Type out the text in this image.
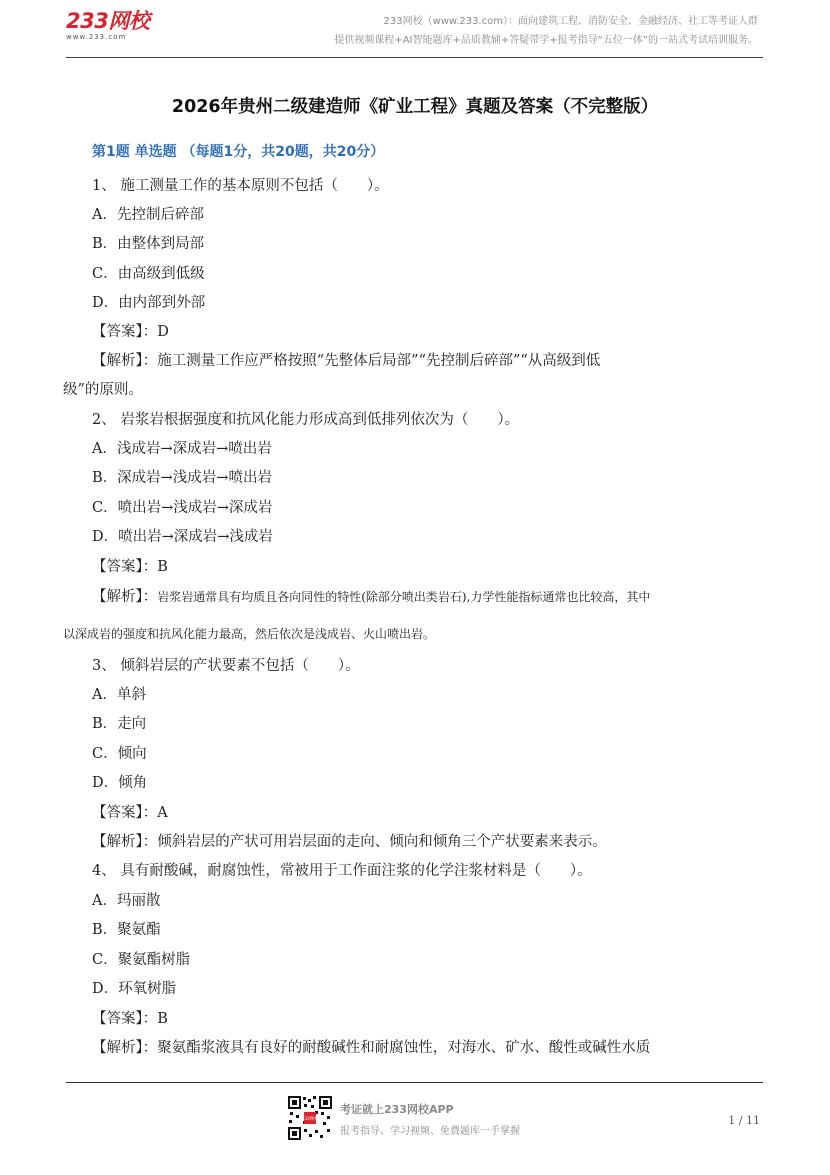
233网校
www.233.com
233网校（www.233.com）：面向建筑工程、消防安全、金融经济、社工等考证人群
提供视频课程+AI智能题库+品质教辅+答疑带学+报考指导“五位一体”的一站式考试培训服务。
2026年贵州二级建造师《矿业工程》真题及答案（不完整版）
第1题 单选题 （每题1分，共20题，共20分）
1、 施工测量工作的基本原则不包括（　　）。
A．先控制后碎部
B．由整体到局部
C．由高级到低级
D．由内部到外部
【答案】：D
【解析】：施工测量工作应严格按照“先整体后局部”“先控制后碎部”“从高级到低
级”的原则。
2、 岩浆岩根据强度和抗风化能力形成高到低排列依次为（　　）。
A．浅成岩→深成岩→喷出岩
B．深成岩→浅成岩→喷出岩
C．喷出岩→浅成岩→深成岩
D．喷出岩→深成岩→浅成岩
【答案】：B
【解析】：岩浆岩通常具有均质且各向同性的特性(除部分喷出类岩石),力学性能指标通常也比较高，其中
以深成岩的强度和抗风化能力最高，然后依次是浅成岩、火山喷出岩。
3、 倾斜岩层的产状要素不包括（　　）。
A．单斜
B．走向
C．倾向
D．倾角
【答案】：A
【解析】：倾斜岩层的产状可用岩层面的走向、倾向和倾角三个产状要素来表示。
4、 具有耐酸碱，耐腐蚀性，常被用于工作面注浆的化学注浆材料是（　　）。
A．玛丽散
B．聚氨酯
C．聚氨酯树脂
D．环氧树脂
【答案】：B
【解析】：聚氨酯浆液具有良好的耐酸碱性和耐腐蚀性，对海水、矿水、酸性或碱性水质
233网校
考证就上233网校APP
报考指导、学习视频、免费题库一手掌握
1 / 11
